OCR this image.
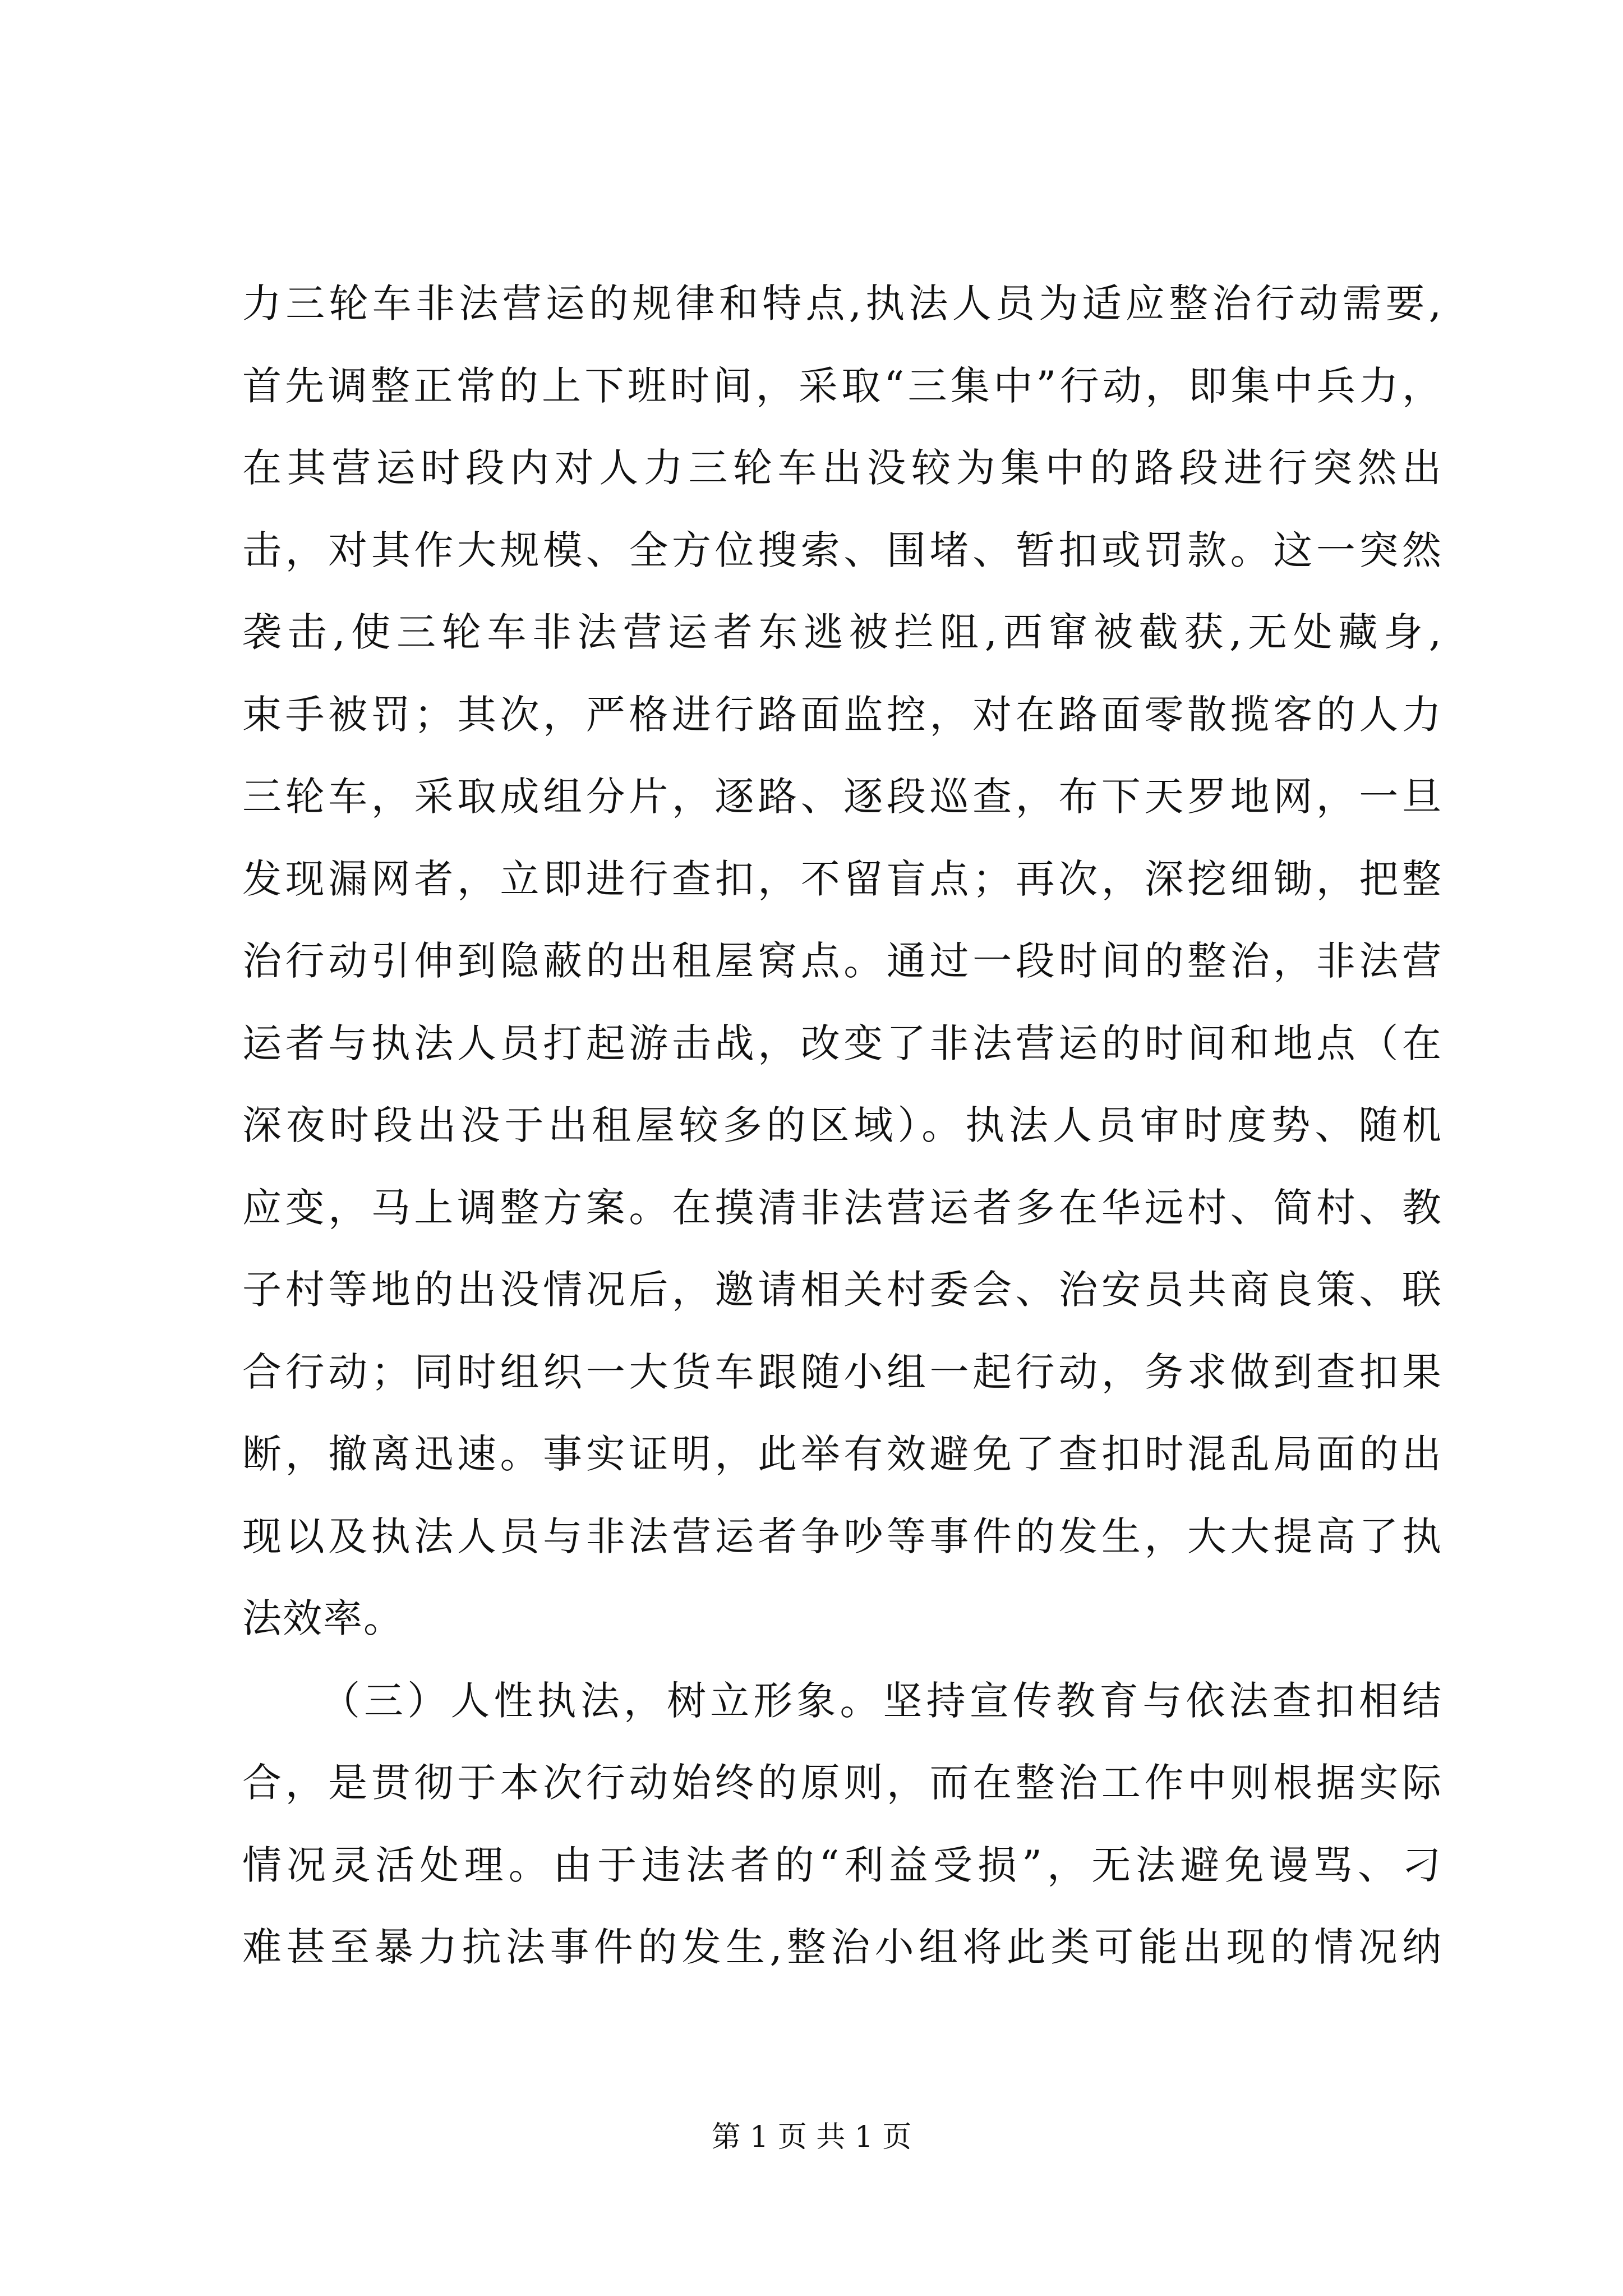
力三轮车非法营运的规律和特点,执法人员为适应整治行动需要,
首先调整正常的上下班时间，采取“三集中”行动，即集中兵力，
在其营运时段内对人力三轮车出没较为集中的路段进行突然出
击，对其作大规模、全方位搜索、围堵、暂扣或罚款。这一突然
袭击,使三轮车非法营运者东逃被拦阻,西窜被截获,无处藏身,
束手被罚；其次，严格进行路面监控，对在路面零散揽客的人力
三轮车，采取成组分片，逐路、逐段巡查，布下天罗地网，一旦
发现漏网者，立即进行查扣，不留盲点；再次，深挖细锄，把整
治行动引伸到隐蔽的出租屋窝点。通过一段时间的整治，非法营
运者与执法人员打起游击战，改变了非法营运的时间和地点（在
深夜时段出没于出租屋较多的区域）。执法人员审时度势、随机
应变，马上调整方案。在摸清非法营运者多在华远村、简村、教
子村等地的出没情况后，邀请相关村委会、治安员共商良策、联
合行动；同时组织一大货车跟随小组一起行动，务求做到查扣果
断，撤离迅速。事实证明，此举有效避免了查扣时混乱局面的出
现以及执法人员与非法营运者争吵等事件的发生，大大提高了执
法效率。
（三）人性执法，树立形象。坚持宣传教育与依法查扣相结
合，是贯彻于本次行动始终的原则，而在整治工作中则根据实际
情况灵活处理。由于违法者的“利益受损”，无法避免谩骂、刁
难甚至暴力抗法事件的发生,整治小组将此类可能出现的情况纳
第 1 页 共 1 页
